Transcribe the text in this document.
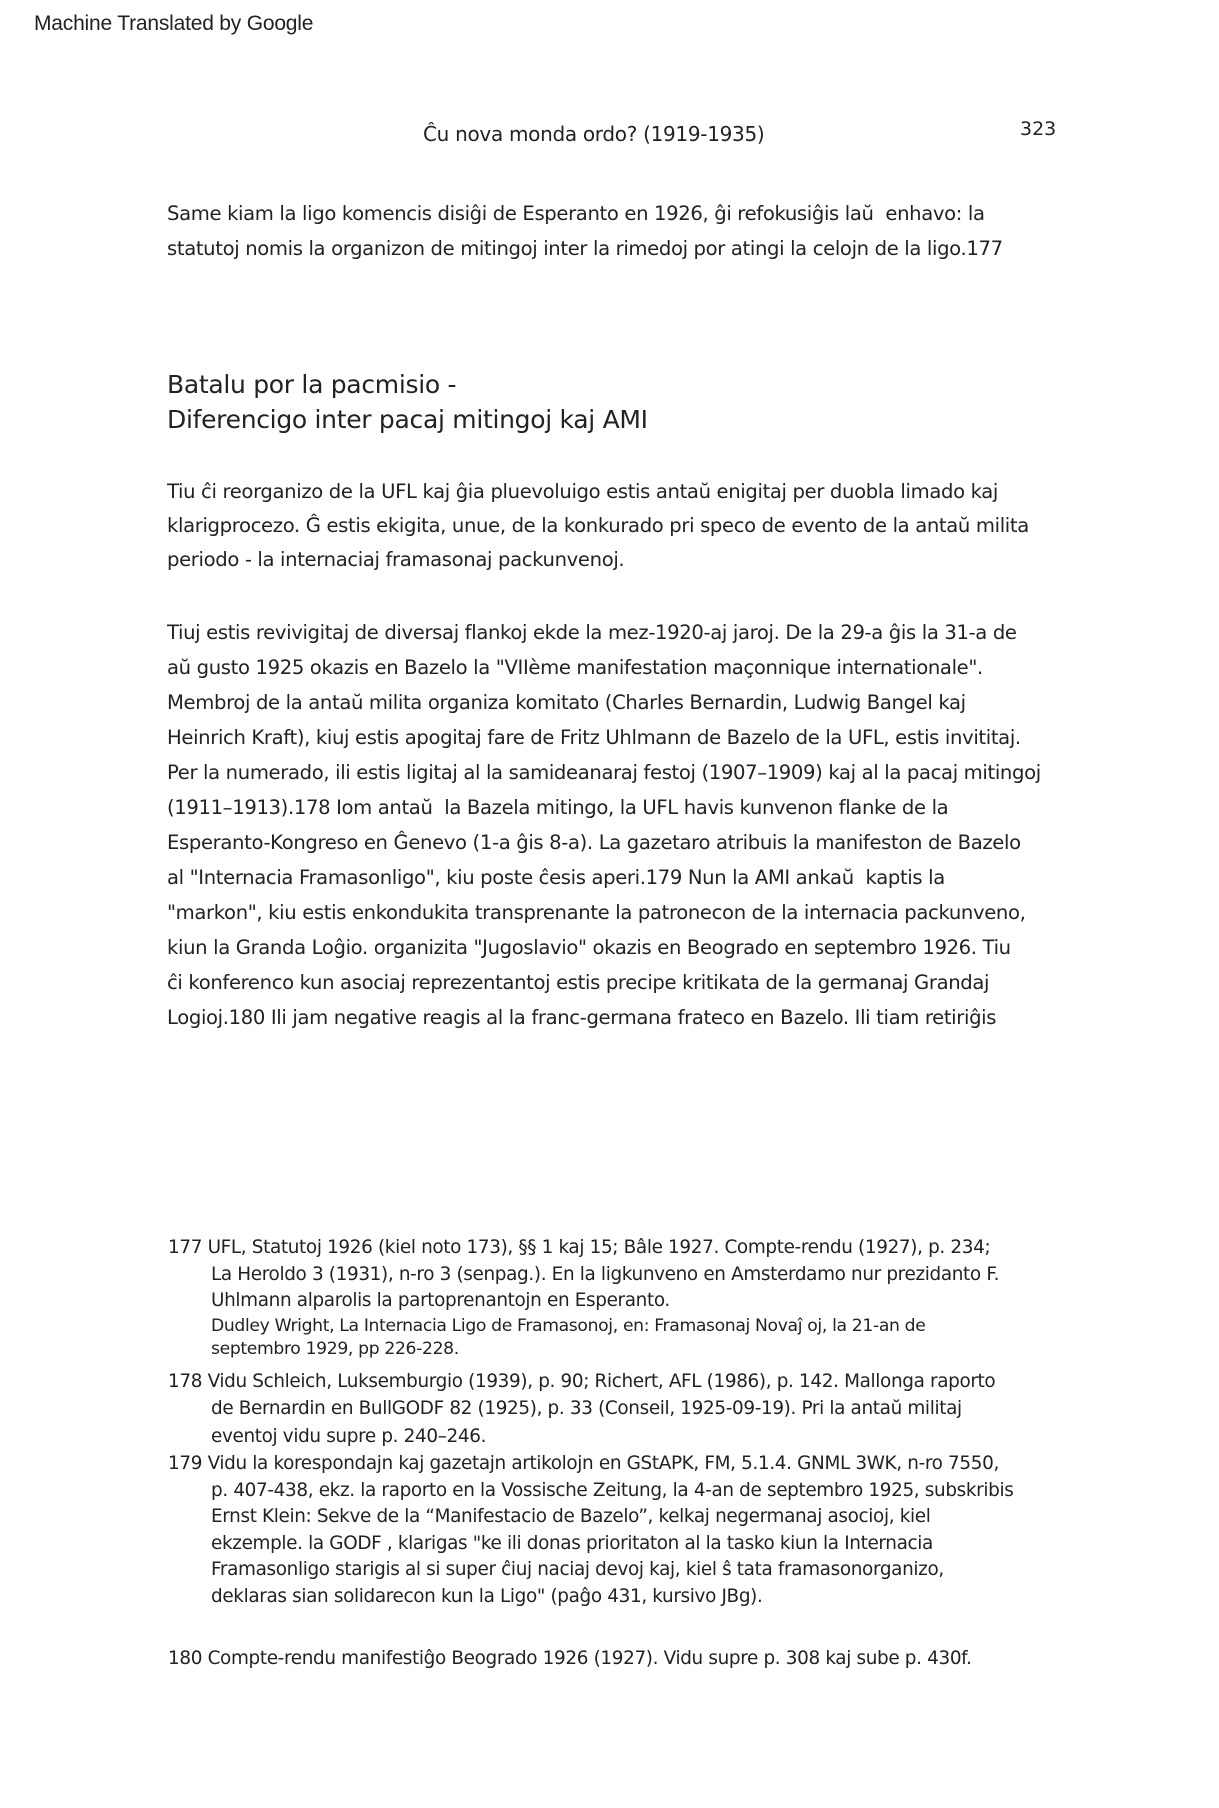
Machine Translated by Google
Ĉu nova monda ordo? (1919-1935)	323
Same kiam la ligo komencis disiĝi de Esperanto en 1926, ĝi refokusiĝis laŭ  enhavo: la
statutoj nomis la organizon de mitingoj inter la rimedoj por atingi la celojn de la ligo.177
Batalu por la pacmisio -
Diferencigo inter pacaj mitingoj kaj AMI
Tiu ĉi reorganizo de la UFL kaj ĝia pluevoluigo estis antaŭ enigitaj per duobla limado kaj
klarigprocezo. Ĝ estis ekigita, unue, de la konkurado pri speco de evento de la antaŭ milita
periodo - la internaciaj framasonaj packunvenoj.
Tiuj estis revivigitaj de diversaj flankoj ekde la mez-1920-aj jaroj. De la 29-a ĝis la 31-a de
aŭ gusto 1925 okazis en Bazelo la "VIIème manifestation maçonnique internationale".
Membroj de la antaŭ milita organiza komitato (Charles Bernardin, Ludwig Bangel kaj
Heinrich Kraft), kiuj estis apogitaj fare de Fritz Uhlmann de Bazelo de la UFL, estis invititaj.
Per la numerado, ili estis ligitaj al la samideanaraj festoj (1907–1909) kaj al la pacaj mitingoj
(1911–1913).178 Iom antaŭ  la Bazela mitingo, la UFL havis kunvenon flanke de la
Esperanto-Kongreso en Ĝenevo (1-a ĝis 8-a). La gazetaro atribuis la manifeston de Bazelo
al "Internacia Framasonligo", kiu poste ĉesis aperi.179 Nun la AMI ankaŭ  kaptis la
"markon", kiu estis enkondukita transprenante la patronecon de la internacia packunveno,
kiun la Granda Loĝio. organizita "Jugoslavio" okazis en Beogrado en septembro 1926. Tiu
ĉi konferenco kun asociaj reprezentantoj estis precipe kritikata de la germanaj Grandaj
Logioj.180 Ili jam negative reagis al la franc-germana frateco en Bazelo. Ili tiam retiriĝis
177 UFL, Statutoj 1926 (kiel noto 173), §§ 1 kaj 15; Bâle 1927. Compte-rendu (1927), p. 234;
La Heroldo 3 (1931), n-ro 3 (senpag.). En la ligkunveno en Amsterdamo nur prezidanto F.
Uhlmann alparolis la partoprenantojn en Esperanto.
Dudley Wright, La Internacia Ligo de Framasonoj, en: Framasonaj Novaĵ oj, la 21-an de
septembro 1929, pp 226-228.
178 Vidu Schleich, Luksemburgio (1939), p. 90; Richert, AFL (1986), p. 142. Mallonga raporto
de Bernardin en BullGODF 82 (1925), p. 33 (Conseil, 1925-09-19). Pri la antaŭ militaj
eventoj vidu supre p. 240–246.
179 Vidu la korespondajn kaj gazetajn artikolojn en GStAPK, FM, 5.1.4. GNML 3WK, n-ro 7550,
p. 407-438, ekz. la raporto en la Vossische Zeitung, la 4-an de septembro 1925, subskribis
Ernst Klein: Sekve de la “Manifestacio de Bazelo”, kelkaj negermanaj asocioj, kiel
ekzemple. la GODF , klarigas "ke ili donas prioritaton al la tasko kiun la Internacia
Framasonligo starigis al si super ĉiuj naciaj devoj kaj, kiel ŝ tata framasonorganizo,
deklaras sian solidarecon kun la Ligo" (paĝo 431, kursivo JBg).
180 Compte-rendu manifestiĝo Beogrado 1926 (1927). Vidu supre p. 308 kaj sube p. 430f.
